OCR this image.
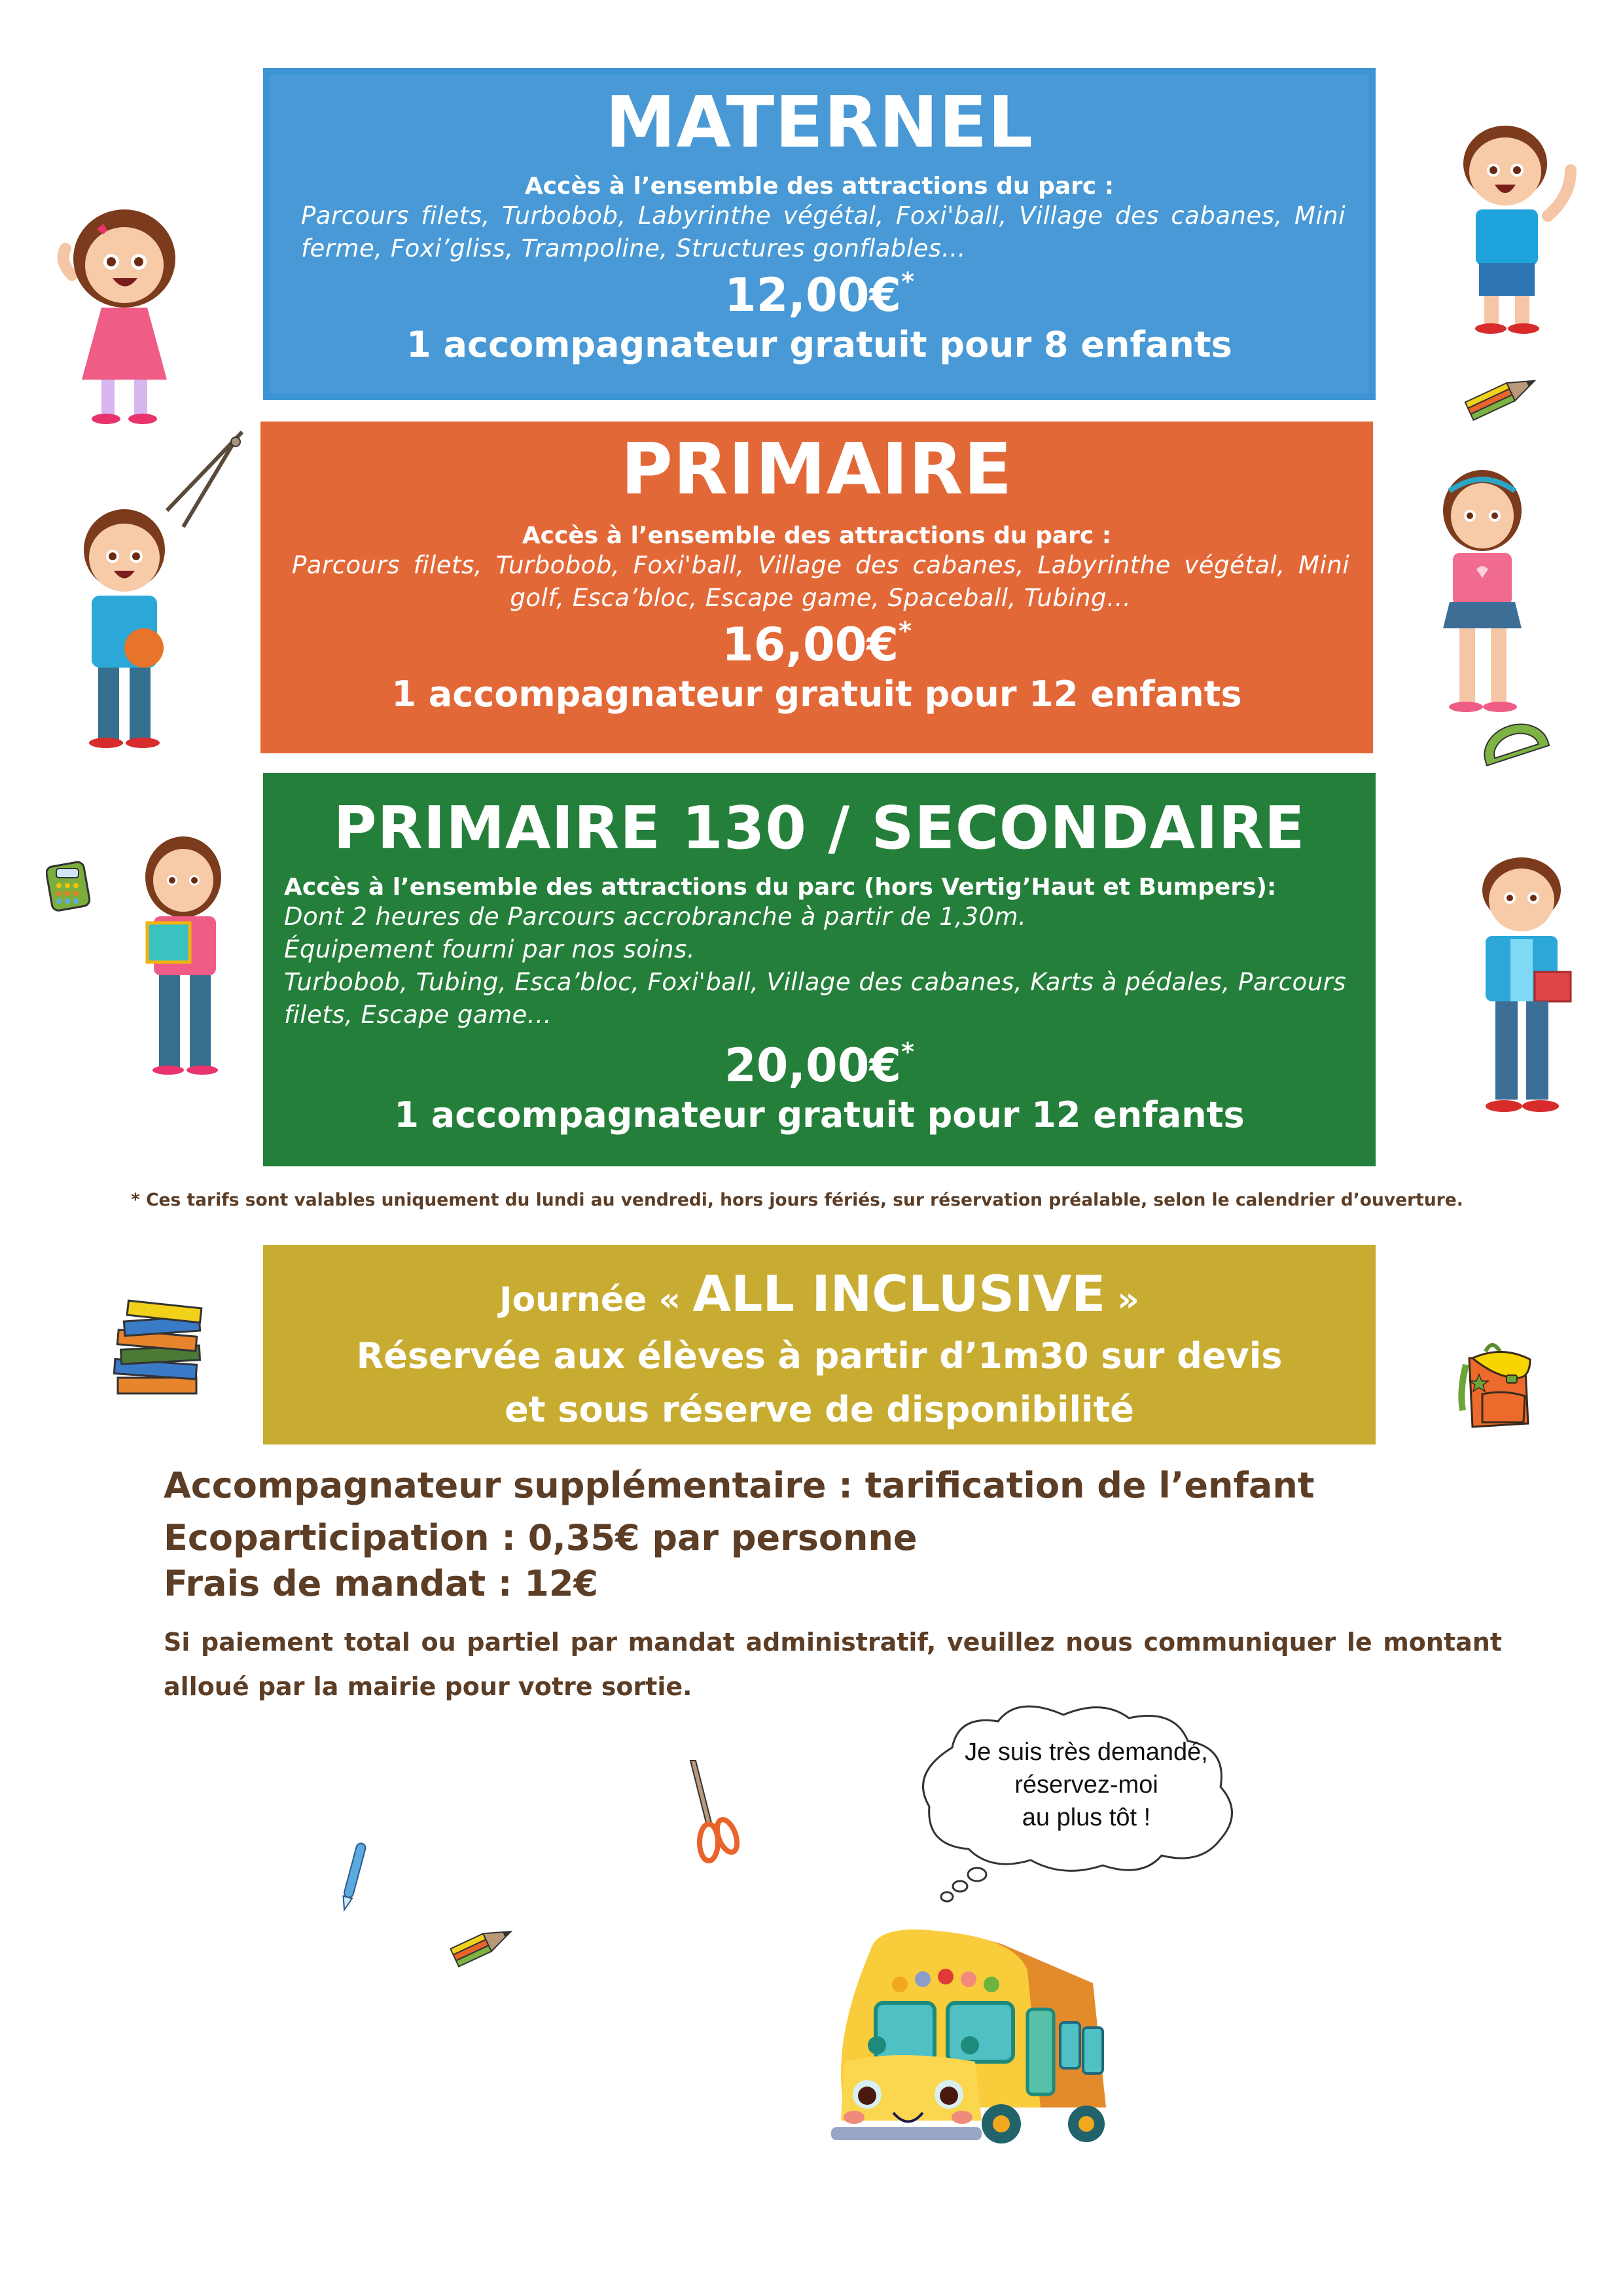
MATERNEL
Accès à l’ensemble des attractions du parc :
Parcours filets, Turbobob, Labyrinthe végétal, Foxi'ball, Village des cabanes, Mini ferme, Foxi’gliss, Trampoline, Structures gonflables…
12,00€*
1 accompagnateur gratuit pour 8 enfants
PRIMAIRE
Accès à l’ensemble des attractions du parc :
Parcours filets, Turbobob, Foxi'ball, Village des cabanes, Labyrinthe végétal, Mini golf, Esca’bloc, Escape game, Spaceball, Tubing…
16,00€*
1 accompagnateur gratuit pour 12 enfants
PRIMAIRE 130 / SECONDAIRE
Accès à l’ensemble des attractions du parc (hors Vertig’Haut et Bumpers):
Dont 2 heures de Parcours accrobranche à partir de 1,30m.
Équipement fourni par nos soins.
Turbobob, Tubing, Esca’bloc, Foxi'ball, Village des cabanes, Karts à pédales, Parcours filets, Escape game…
20,00€*
1 accompagnateur gratuit pour 12 enfants
* Ces tarifs sont valables uniquement du lundi au vendredi, hors jours fériés, sur réservation préalable, selon le calendrier d’ouverture.
Journée « ALL INCLUSIVE »
Réservée aux élèves à partir d’1m30 sur devis
et sous réserve de disponibilité
Accompagnateur supplémentaire : tarification de l’enfant
Ecoparticipation : 0,35€ par personne
Frais de mandat : 12€
Si paiement total ou partiel par mandat administratif, veuillez nous communiquer le montant alloué par la mairie pour votre sortie.
Je suis très demandé,
réservez-moi
au plus tôt !
